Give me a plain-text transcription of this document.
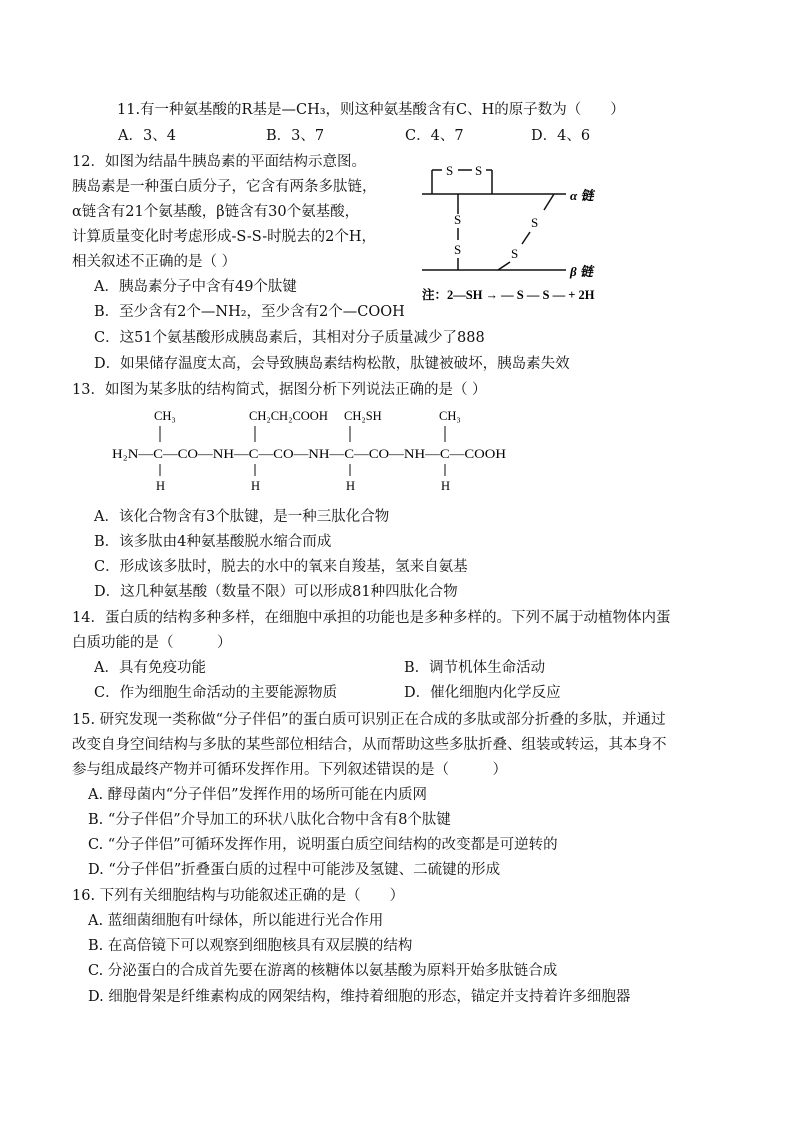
11.有一种氨基酸的R基是—CH₃，则这种氨基酸含有C、H的原子数为（　　）
A．3、4	B．3、7	C．4、7	D．4、6
12．如图为结晶牛胰岛素的平面结构示意图。
胰岛素是一种蛋白质分子，它含有两条多肽链，
α链含有21个氨基酸，β链含有30个氨基酸，
计算质量变化时考虑形成-S-S-时脱去的2个H，
相关叙述不正确的是（ ）
S S
α 链
S
S
S
S
β 链
注：2—SH → — S — S — + 2H
A．胰岛素分子中含有49个肽键
B．至少含有2个—NH₂，至少含有2个—COOH
C．这51个氨基酸形成胰岛素后，其相对分子质量减少了888
D．如果储存温度太高，会导致胰岛素结构松散，肽键被破坏，胰岛素失效
13．如图为某多肽的结构简式，据图分析下列说法正确的是（ ）
CH₃	CH₂CH₂COOH CH₂SH	CH₃
H₂N—C—CO—NH—C—CO—NH—C—CO—NH—C—COOH
H	H	H	H
A．该化合物含有3个肽键，是一种三肽化合物
B．该多肽由4种氨基酸脱水缩合而成
C．形成该多肽时，脱去的水中的氧来自羧基，氢来自氨基
D．这几种氨基酸（数量不限）可以形成81种四肽化合物
14．蛋白质的结构多种多样，在细胞中承担的功能也是多种多样的。下列不属于动植物体内蛋
白质功能的是（　　　）
A．具有免疫功能	B．调节机体生命活动
C．作为细胞生命活动的主要能源物质	D．催化细胞内化学反应
15. 研究发现一类称做“分子伴侣”的蛋白质可识别正在合成的多肽或部分折叠的多肽，并通过
改变自身空间结构与多肽的某些部位相结合，从而帮助这些多肽折叠、组装或转运，其本身不
参与组成最终产物并可循环发挥作用。下列叙述错误的是（　　　）
A. 酵母菌内“分子伴侣”发挥作用的场所可能在内质网
B. “分子伴侣”介导加工的环状八肽化合物中含有8个肽键
C. “分子伴侣”可循环发挥作用，说明蛋白质空间结构的改变都是可逆转的
D. “分子伴侣”折叠蛋白质的过程中可能涉及氢键、二硫键的形成
16. 下列有关细胞结构与功能叙述正确的是（　　）
A. 蓝细菌细胞有叶绿体，所以能进行光合作用
B. 在高倍镜下可以观察到细胞核具有双层膜的结构
C. 分泌蛋白的合成首先要在游离的核糖体以氨基酸为原料开始多肽链合成
D. 细胞骨架是纤维素构成的网架结构，维持着细胞的形态，锚定并支持着许多细胞器
